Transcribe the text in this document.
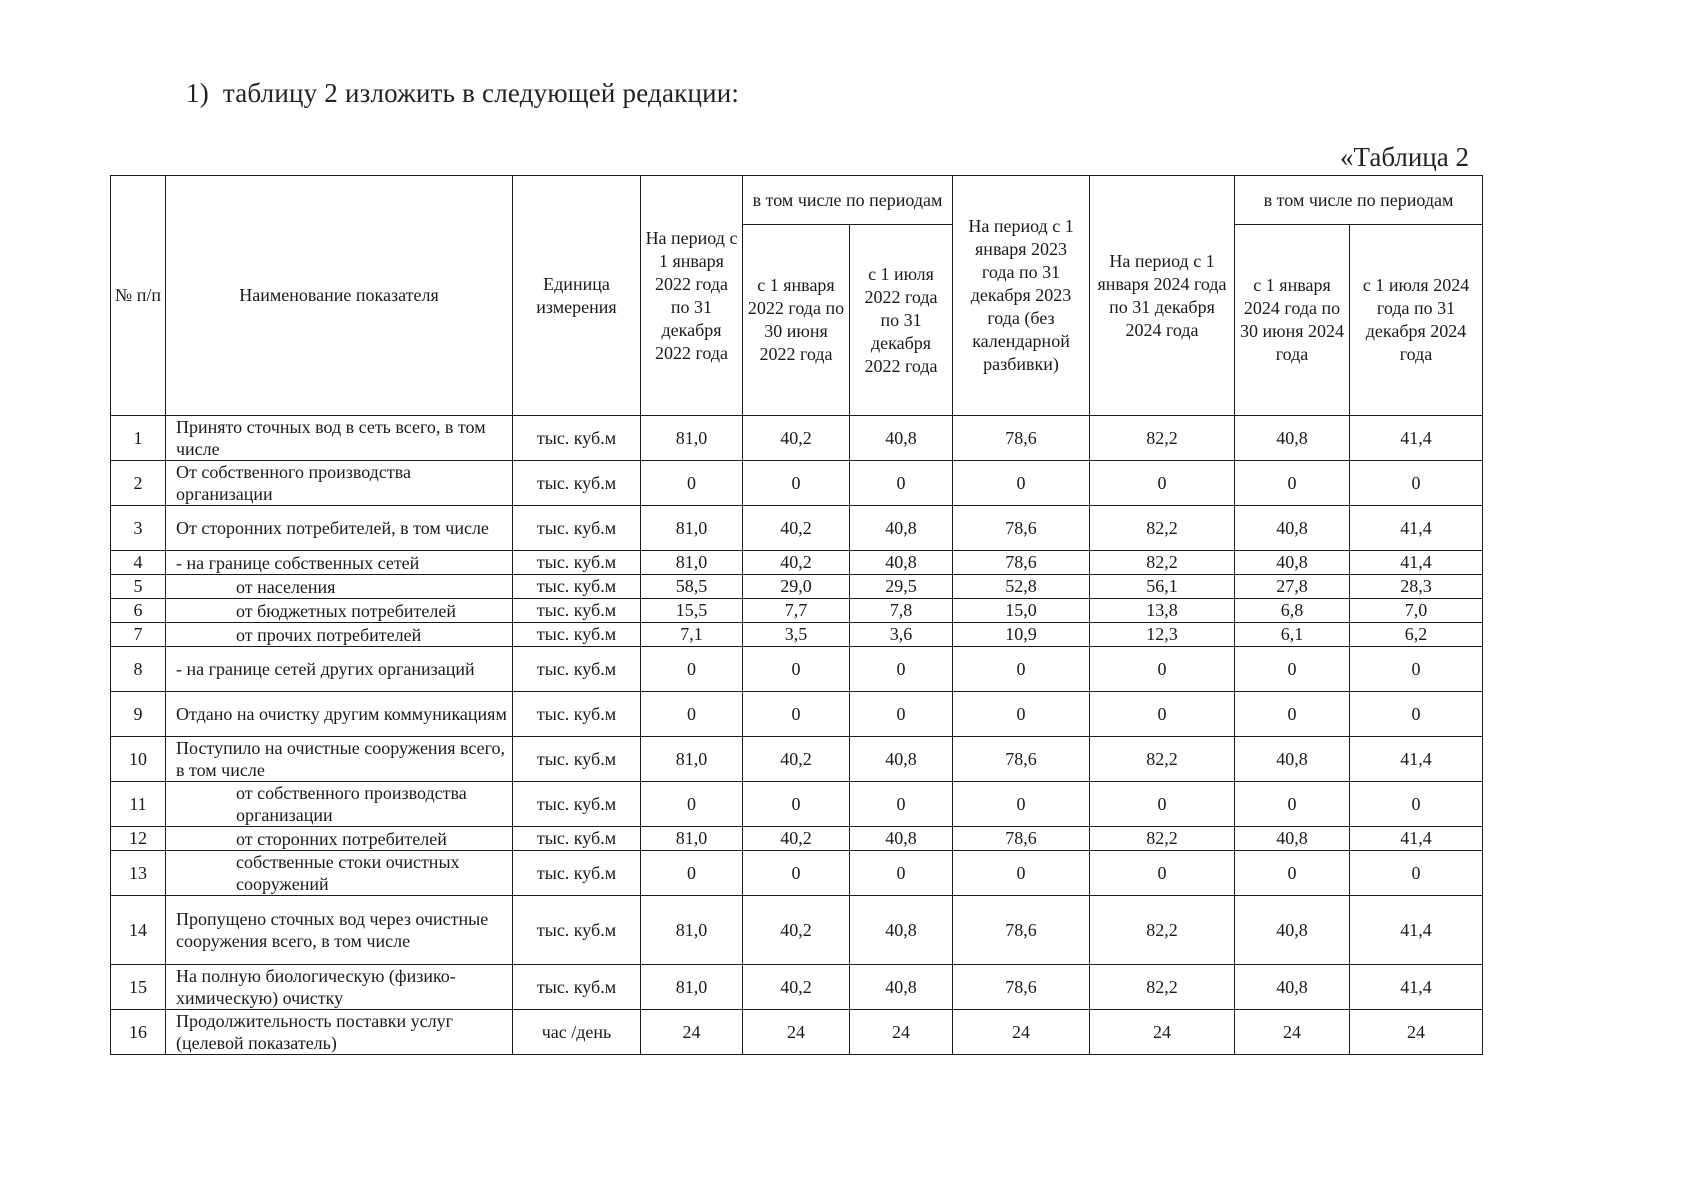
1) таблицу 2 изложить в следующей редакции:
«Таблица 2
№ п/п	Наименование показателя	Единица измерения	На период с 1 января 2022 года по 31 декабря 2022 года	в том числе по периодам		На период с 1 января 2023 года по 31 декабря 2023 года (без календарной разбивки)	На период с 1 января 2024 года по 31 декабря 2024 года	в том числе по периодам	
				с 1 января 2022 года по 30 июня 2022 года	с 1 июля 2022 года по 31 декабря 2022 года			с 1 января 2024 года по 30 июня 2024 года	с 1 июля 2024 года по 31 декабря 2024 года
1	Принято сточных вод в сеть всего, в том числе	тыс. куб.м	81,0	40,2	40,8	78,6	82,2	40,8	41,4
2	От собственного производства организации	тыс. куб.м	0	0	0	0	0	0	0
3	От сторонних потребителей, в том числе	тыс. куб.м	81,0	40,2	40,8	78,6	82,2	40,8	41,4
4	- на границе собственных сетей	тыс. куб.м	81,0	40,2	40,8	78,6	82,2	40,8	41,4
5	от населения	тыс. куб.м	58,5	29,0	29,5	52,8	56,1	27,8	28,3
6	от бюджетных потребителей	тыс. куб.м	15,5	7,7	7,8	15,0	13,8	6,8	7,0
7	от прочих потребителей	тыс. куб.м	7,1	3,5	3,6	10,9	12,3	6,1	6,2
8	- на границе сетей других организаций	тыс. куб.м	0	0	0	0	0	0	0
9	Отдано на очистку другим коммуникациям	тыс. куб.м	0	0	0	0	0	0	0
10	Поступило на очистные сооружения всего, в том числе	тыс. куб.м	81,0	40,2	40,8	78,6	82,2	40,8	41,4
11	от собственного производства организации	тыс. куб.м	0	0	0	0	0	0	0
12	от сторонних потребителей	тыс. куб.м	81,0	40,2	40,8	78,6	82,2	40,8	41,4
13	собственные стоки очистных сооружений	тыс. куб.м	0	0	0	0	0	0	0
14	Пропущено сточных вод через очистные сооружения всего, в том числе	тыс. куб.м	81,0	40,2	40,8	78,6	82,2	40,8	41,4
15	На полную биологическую (физико-химическую) очистку	тыс. куб.м	81,0	40,2	40,8	78,6	82,2	40,8	41,4
16	Продолжительность поставки услуг (целевой показатель)	час /день	24	24	24	24	24	24	24
